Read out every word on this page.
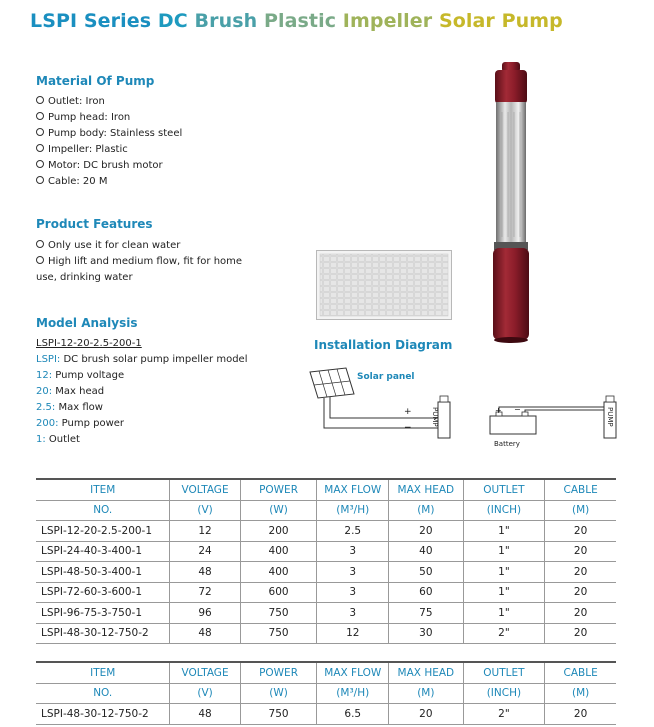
LSPI Series DC Brush Plastic Impeller Solar Pump
Material Of Pump
Outlet: Iron
Pump head: Iron
Pump body: Stainless steel
Impeller: Plastic
Motor: DC brush motor
Cable: 20 M
Product Features
Only use it for clean water
High lift and medium flow, fit for home
use, drinking water
Model Analysis
LSPI-12-20-2.5-200-1
LSPI: DC brush solar pump impeller model
12: Pump voltage
20: Max head
2.5: Max flow
200: Pump power
1: Outlet
Installation Diagram
Solar panel
+
−
+ −
PUMP	PUMP
Battery
ITEM	VOLTAGE	POWER	MAX FLOW	MAX HEAD	OUTLET	CABLE
NO.	(V)	(W)	(M³/H)	(M)	(INCH)	(M)
LSPI-12-20-2.5-200-1	12	200	2.5	20	1"	20
LSPI-24-40-3-400-1	24	400	3	40	1"	20
LSPI-48-50-3-400-1	48	400	3	50	1"	20
LSPI-72-60-3-600-1	72	600	3	60	1"	20
LSPI-96-75-3-750-1	96	750	3	75	1"	20
LSPI-48-30-12-750-2	48	750	12	30	2"	20
ITEM	VOLTAGE	POWER	MAX FLOW	MAX HEAD	OUTLET	CABLE
NO.	(V)	(W)	(M³/H)	(M)	(INCH)	(M)
LSPI-48-30-12-750-2	48	750	6.5	20	2"	20
